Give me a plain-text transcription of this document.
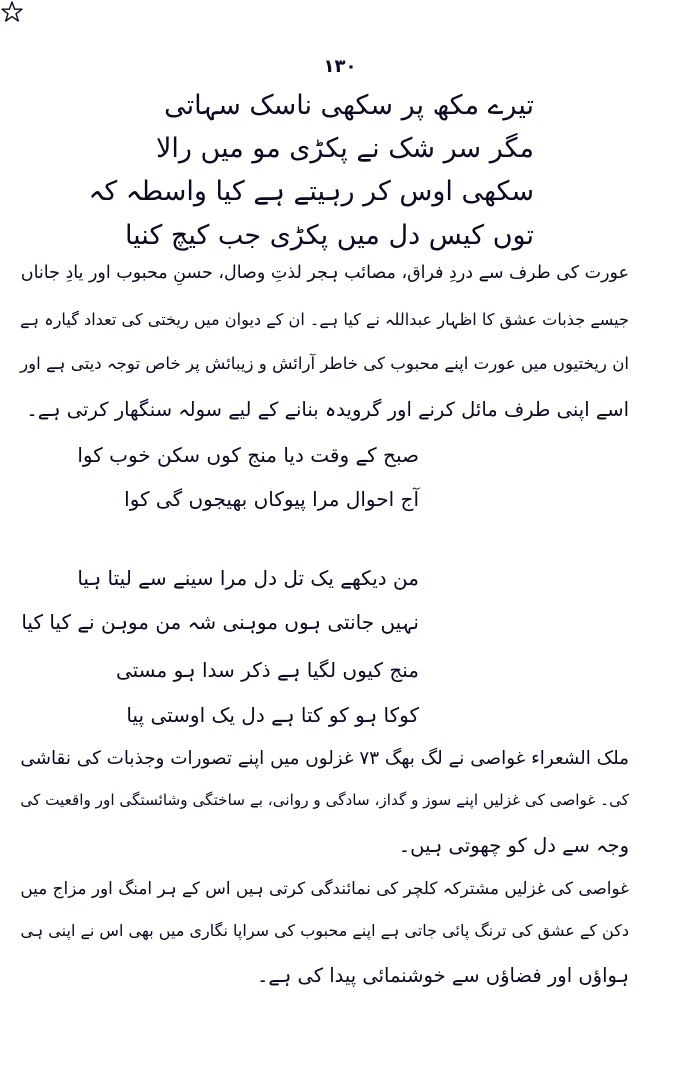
۱۳۰
تیرے مکھ پر سکھی ناسک سہاتی
مگر سر شک نے پکڑی مو میں رالا
سکھی اوس کر رہیتے ہے کیا واسطہ کہ
توں کیس دل میں پکڑی جب کیچ کنیا
عورت کی طرف سے دردِ فراق، مصائب ہجر لذتِ وصال، حسنِ محبوب اور یادِ جاناں
جیسے جذبات عشق کا اظہار عبداللہ نے کیا ہے۔ ان کے دیوان میں ریختی کی تعداد گیارہ ہے
ان ریختیوں میں عورت اپنے محبوب کی خاطر آرائش و زیبائش پر خاص توجہ دیتی ہے اور
اسے اپنی طرف مائل کرنے اور گرویدہ بنانے کے لیے سولہ سنگھار کرتی ہے۔
صبح کے وقت دیا منج کوں سکن خوب کوا
آج احوال مرا پیوکاں بھیجوں گی کوا
من دیکھے یک تل دل مرا سینے سے لیتا ہیا
نہیں جانتی ہوں موہنی شہ من موہن نے کیا کیا
منج کیوں لگیا ہے ذکر سدا ہو مستی
کوکا ہو کو کتا ہے دل یک اوستی پیا
ملک الشعراء غواصی نے لگ بھگ ۷۳ غزلوں میں اپنے تصورات وجذبات کی نقاشی
کی۔ غواصی کی غزلیں اپنے سوز و گداز، سادگی و روانی، بے ساختگی وشائستگی اور واقعیت کی
وجہ سے دل کو چھوتی ہیں۔
غواصی کی غزلیں مشترکہ کلچر کی نمائندگی کرتی ہیں اس کے ہر امنگ اور مزاج میں
دکن کے عشق کی ترنگ پائی جاتی ہے اپنے محبوب کی سراپا نگاری میں بھی اس نے اپنی ہی
ہواؤں اور فضاؤں سے خوشنمائی پیدا کی ہے۔
